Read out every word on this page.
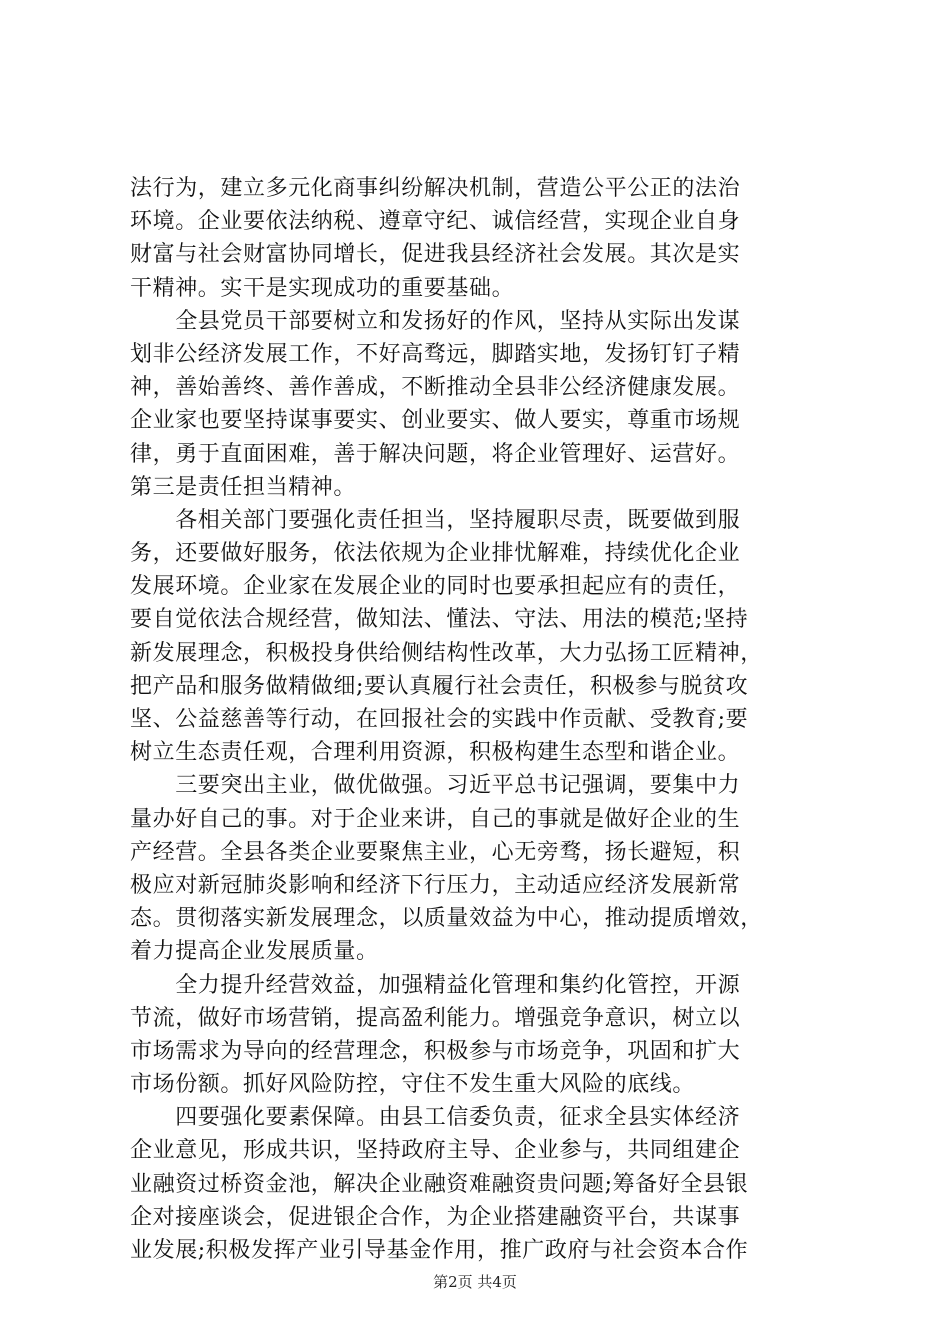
法行为，建立多元化商事纠纷解决机制，营造公平公正的法治
环境。企业要依法纳税、遵章守纪、诚信经营，实现企业自身
财富与社会财富协同增长，促进我县经济社会发展。其次是实
干精神。实干是实现成功的重要基础。
　　全县党员干部要树立和发扬好的作风，坚持从实际出发谋
划非公经济发展工作，不好高骛远，脚踏实地，发扬钉钉子精
神，善始善终、善作善成，不断推动全县非公经济健康发展。
企业家也要坚持谋事要实、创业要实、做人要实，尊重市场规
律，勇于直面困难，善于解决问题，将企业管理好、运营好。
第三是责任担当精神。
　　各相关部门要强化责任担当，坚持履职尽责，既要做到服
务，还要做好服务，依法依规为企业排忧解难，持续优化企业
发展环境。企业家在发展企业的同时也要承担起应有的责任，
要自觉依法合规经营，做知法、懂法、守法、用法的模范;坚持
新发展理念，积极投身供给侧结构性改革，大力弘扬工匠精神，
把产品和服务做精做细;要认真履行社会责任，积极参与脱贫攻
坚、公益慈善等行动，在回报社会的实践中作贡献、受教育;要
树立生态责任观，合理利用资源，积极构建生态型和谐企业。
　　三要突出主业，做优做强。习近平总书记强调，要集中力
量办好自己的事。对于企业来讲，自己的事就是做好企业的生
产经营。全县各类企业要聚焦主业，心无旁骛，扬长避短，积
极应对新冠肺炎影响和经济下行压力，主动适应经济发展新常
态。贯彻落实新发展理念，以质量效益为中心，推动提质增效，
着力提高企业发展质量。
　　全力提升经营效益，加强精益化管理和集约化管控，开源
节流，做好市场营销，提高盈利能力。增强竞争意识，树立以
市场需求为导向的经营理念，积极参与市场竞争，巩固和扩大
市场份额。抓好风险防控，守住不发生重大风险的底线。
　　四要强化要素保障。由县工信委负责，征求全县实体经济
企业意见，形成共识，坚持政府主导、企业参与，共同组建企
业融资过桥资金池，解决企业融资难融资贵问题;筹备好全县银
企对接座谈会，促进银企合作，为企业搭建融资平台，共谋事
业发展;积极发挥产业引导基金作用，推广政府与社会资本合作
第2页 共4页
